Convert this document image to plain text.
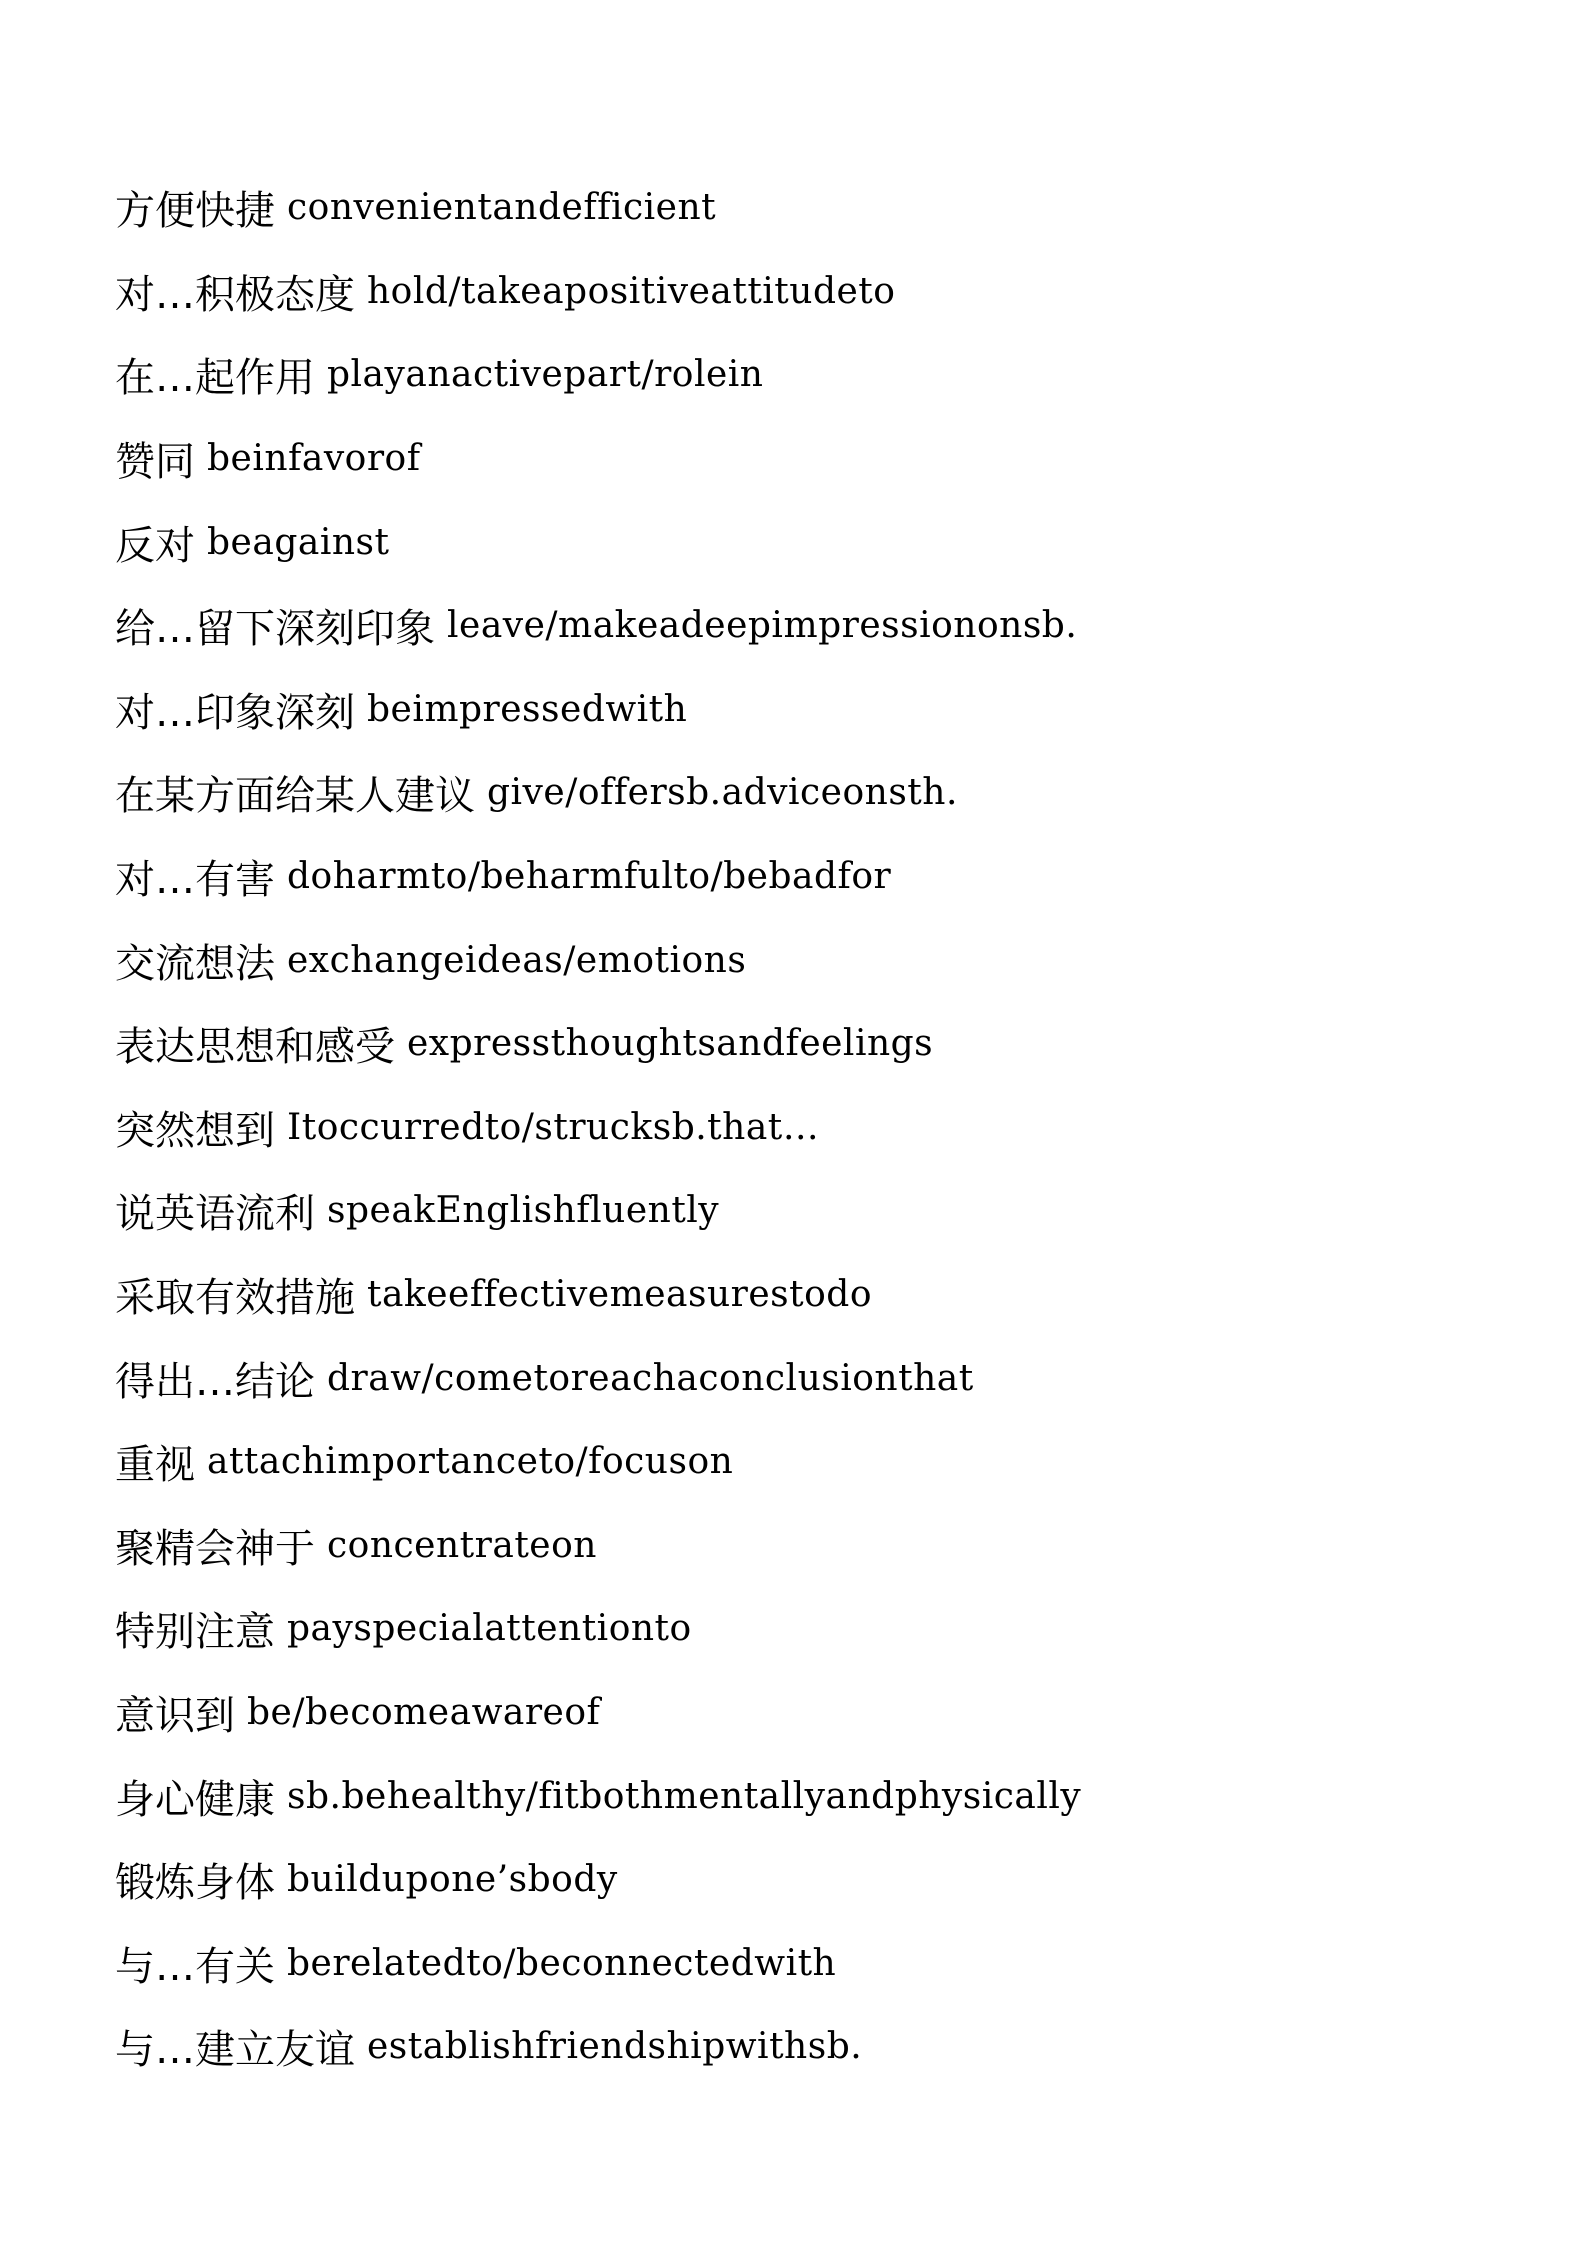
方便快捷 convenientandefficient
对…积极态度 hold/takeapositiveattitudeto
在…起作用 playanactivepart/rolein
赞同 beinfavorof
反对 beagainst
给…留下深刻印象 leave/makeadeepimpressiononsb.
对…印象深刻 beimpressedwith
在某方面给某人建议 give/offersb.adviceonsth.
对…有害 doharmto/beharmfulto/bebadfor
交流想法 exchangeideas/emotions
表达思想和感受 expressthoughtsandfeelings
突然想到 Itoccurredto/strucksb.that…
说英语流利 speakEnglishfluently
采取有效措施 takeeffectivemeasurestodo
得出…结论 draw/cometoreachaconclusionthat
重视 attachimportanceto/focuson
聚精会神于 concentrateon
特别注意 payspecialattentionto
意识到 be/becomeawareof
身心健康 sb.behealthy/fitbothmentallyandphysically
锻炼身体 buildupone’sbody
与…有关 berelatedto/beconnectedwith
与…建立友谊 establishfriendshipwithsb.
